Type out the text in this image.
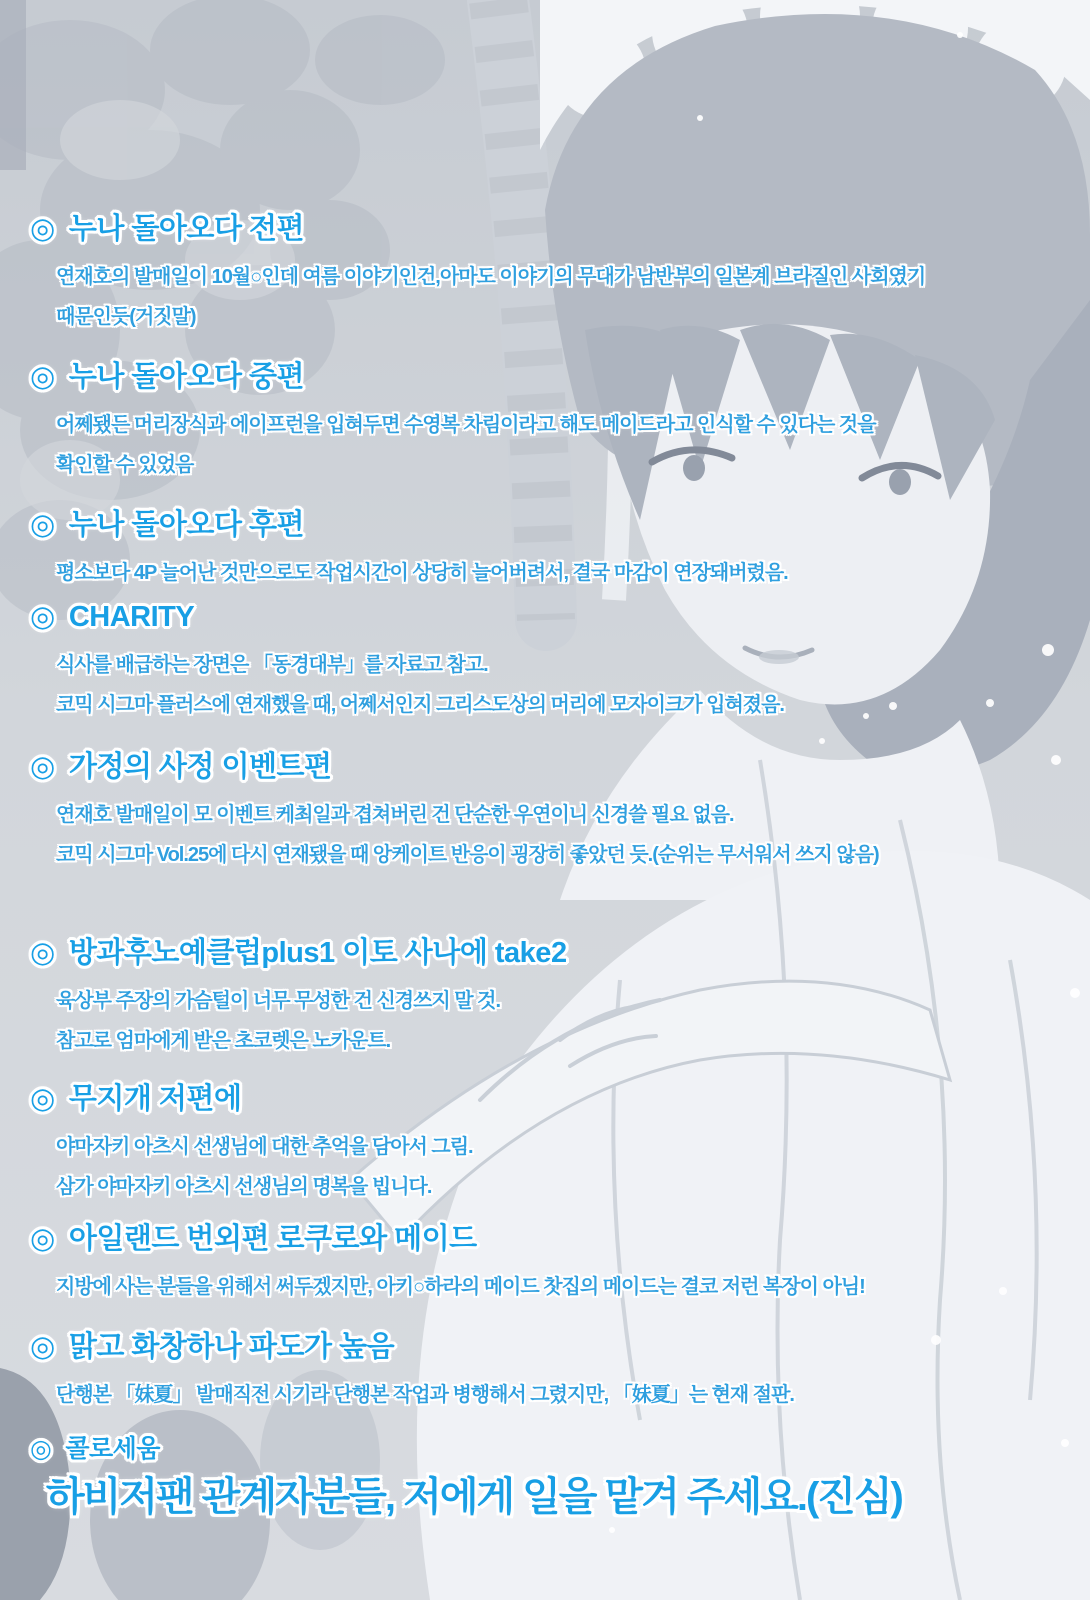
◎ 누나 돌아오다 전편
연재호의 발매일이 10월○인데 여름 이야기인건,아마도 이야기의 무대가 남반부의 일본계 브라질인 사회였기
때문인듯(거짓말)
◎ 누나 돌아오다 중편
어쩨됐든 머리장식과 에이프런을 입혀두면 수영복 차림이라고 해도 메이드라고 인식할 수 있다는 것을
확인할 수 있었음
◎ 누나 돌아오다 후편
평소보다 4P 늘어난 것만으로도 작업시간이 상당히 늘어버려서, 결국 마감이 연장돼버렸음.
◎ CHARITY
식사를 배급하는 장면은 「동경대부」를 자료고 참고.
코믹 시그마 플러스에 연재했을 때, 어쩨서인지 그리스도상의 머리에 모자이크가 입혀졌음.
◎ 가정의 사정 이벤트편
연재호 발매일이 모 이벤트 케최일과 겹쳐버린 건 단순한 우연이니 신경쓸 필요 없음.
코믹 시그마 Vol.25에 다시 연재됐을 때 앙케이트 반응이 굉장히 좋았던 듯.(순위는 무서워서 쓰지 않음)
◎ 방과후노예클럽plus1 이토 사나에 take2
육상부 주장의 가슴털이 너무 무성한 건 신경쓰지 말 것.
참고로 엄마에게 받은 초코렛은 노카운트.
◎ 무지개 저편에
야마자키 아츠시 선생님에 대한 추억을 담아서 그림.
삼가 야마자키 아츠시 선생님의 명복을 빕니다.
◎ 아일랜드 번외편 로쿠로와 메이드
지방에 사는 분들을 위해서 써두겠지만, 아키○하라의 메이드 찻집의 메이드는 결코 저런 복장이 아님!
◎ 맑고 화창하나 파도가 높음
단행본 「妹夏」 발매직전 시기라 단행본 작업과 병행해서 그렸지만, 「妹夏」는 현재 절판.
◎ 콜로세움
하비저팬 관계자분들, 저에게 일을 맡겨 주세요.(진심)
